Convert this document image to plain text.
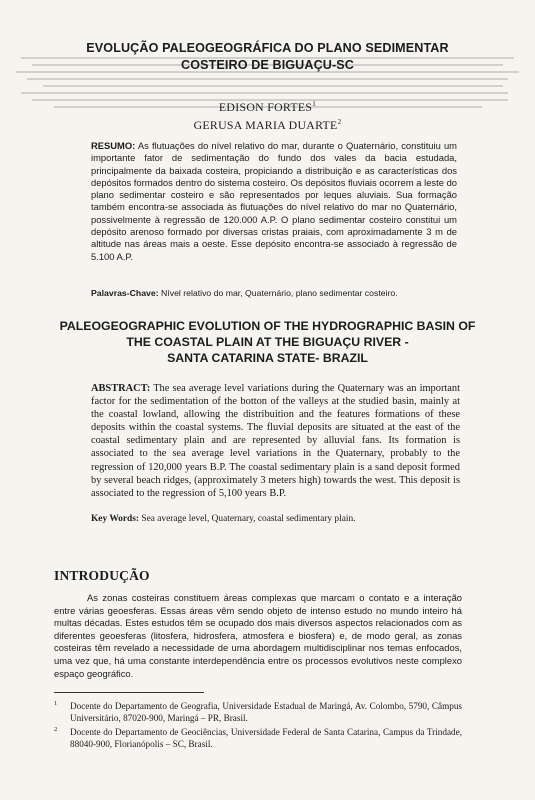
EVOLUÇÃO PALEOGEOGRÁFICA DO PLANO SEDIMENTAR
COSTEIRO DE BIGUAÇU-SC
EDISON FORTES$^1$
GERUSA MARIA DUARTE$^2$
RESUMO: As flutuações do nível relativo do mar, durante o Quaternário, constituiu um importante fator de sedimentação do fundo dos vales da bacia estudada, principalmente da baixada costeira, propiciando a distribuição e as características dos depósitos formados dentro do sistema costeiro. Os depósitos fluviais ocorrem a leste do plano sedimentar costeiro e são representados por leques aluviais. Sua formação também encontra-se associada às flutuações do nível relativo do mar no Quaternário, possivelmente à regressão de 120.000 A.P. O plano sedimentar costeiro constitui um depósito arenoso formado por diversas cristas praiais, com aproximadamente 3 m de altitude nas áreas mais a oeste. Esse depósito encontra-se associado à regressão de 5.100 A.P.
Palavras-Chave: Nível relativo do mar, Quaternário, plano sedimentar costeiro.
PALEOGEOGRAPHIC EVOLUTION OF THE HYDROGRAPHIC BASIN OF
THE COASTAL PLAIN AT THE BIGUAÇU RIVER -
SANTA CATARINA STATE- BRAZIL
ABSTRACT: The sea average level variations during the Quaternary was an important factor for the sedimentation of the botton of the valleys at the studied basin, mainly at the coastal lowland, allowing the distribuition and the features formations of these deposits within the coastal systems. The fluvial deposits are situated at the east of the coastal sedimentary plain and are represented by alluvial fans. Its formation is associated to the sea average level variations in the Quaternary, probably to the regression of 120,000 years B.P. The coastal sedimentary plain is a sand deposit formed by several beach ridges, (approximately 3 meters high) towards the west. This deposit is associated to the regression of 5,100 years B.P.
Key Words: Sea average level, Quaternary, coastal sedimentary plain.
INTRODUÇÃO
As zonas costeiras constituem áreas complexas que marcam o contato e a interação entre várias geoesferas. Essas áreas vêm sendo objeto de intenso estudo no mundo inteiro há multas décadas. Estes estudos têm se ocupado dos mais diversos aspectos relacionados com as diferentes geoesferas (litosfera, hidrosfera, atmosfera e biosfera) e, de modo geral, as zonas costeiras têm revelado a necessidade de uma abordagem multidisciplinar nos temas enfocados, uma vez que, há uma constante interdependência entre os processos evolutivos neste complexo espaço geográfico.
1 Docente do Departamento de Geografia, Universidade Estadual de Maringá, Av. Colombo, 5790, Câmpus Universitário, 87020-900, Maringá – PR, Brasil.
2 Docente do Departamento de Geociências, Universidade Federal de Santa Catarina, Campus da Trindade, 88040-900, Florianópolis – SC, Brasil.
